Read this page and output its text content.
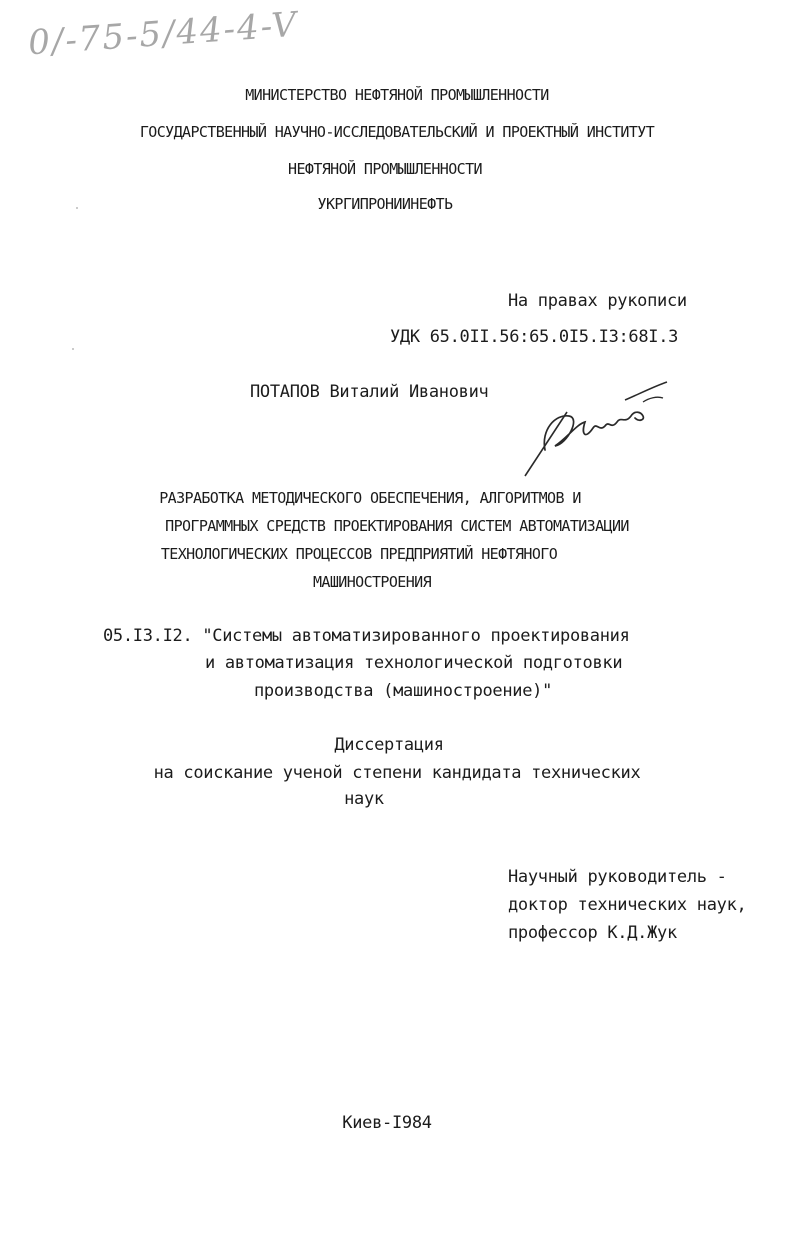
0/-75-5/44-4-V
МИНИСТЕРСТВО НЕФТЯНОЙ ПРОМЫШЛЕННОСТИ
ГОСУДАРСТВЕННЫЙ НАУЧНО-ИССЛЕДОВАТЕЛЬСКИЙ И ПРОЕКТНЫЙ ИНСТИТУТ
НЕФТЯНОЙ ПРОМЫШЛЕННОСТИ
УКРГИПРОНИИНЕФТЬ
На правах рукописи
УДК 65.0II.56:65.0I5.I3:68I.3
ПОТАПОВ Виталий Иванович
РАЗРАБОТКА МЕТОДИЧЕСКОГО ОБЕСПЕЧЕНИЯ, АЛГОРИТМОВ И
ПРОГРАММНЫХ СРЕДСТВ ПРОЕКТИРОВАНИЯ СИСТЕМ АВТОМАТИЗАЦИИ
ТЕХНОЛОГИЧЕСКИХ ПРОЦЕССОВ ПРЕДПРИЯТИЙ НЕФТЯНОГО
МАШИНОСТРОЕНИЯ
05.I3.I2. "Системы автоматизированного проектирования
и автоматизация технологической подготовки
производства (машиностроение)"
Диссертация
на соискание ученой степени кандидата технических
наук
Научный руководитель -
доктор технических наук,
профессор К.Д.Жук
Киев-I984
